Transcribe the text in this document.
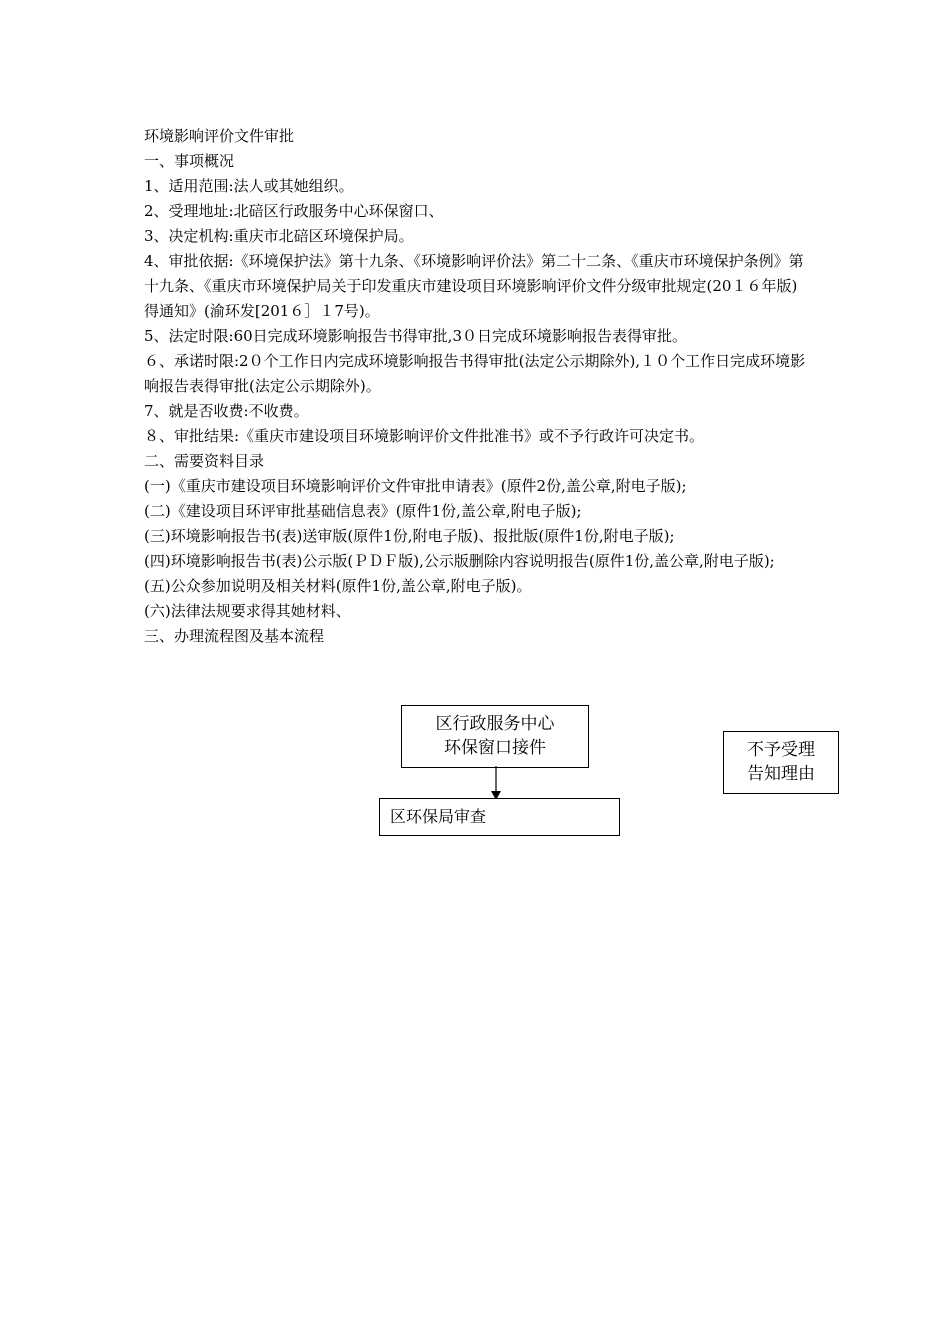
环境影响评价文件审批

一、事项概况

1、适用范围:法人或其她组织。

2、受理地址:北碚区行政服务中心环保窗口、

3、决定机构:重庆市北碚区环境保护局。

4、审批依据:《环境保护法》第十九条、《环境影响评价法》第二十二条、《重庆市环境保护条例》第十九条、《重庆市环境保护局关于印发重庆市建设项目环境影响评价文件分级审批规定(20１６年版)得通知》(渝环发[201６］１7号)。

5、法定时限:60日完成环境影响报告书得审批,3０日完成环境影响报告表得审批。

６、承诺时限:2０个工作日内完成环境影响报告书得审批(法定公示期除外),１０个工作日完成环境影响报告表得审批(法定公示期除外)。

7、就是否收费:不收费。

８、审批结果:《重庆市建设项目环境影响评价文件批准书》或不予行政许可决定书。

二、需要资料目录

(一)《重庆市建设项目环境影响评价文件审批申请表》(原件2份,盖公章,附电子版);

(二)《建设项目环评审批基础信息表》(原件1份,盖公章,附电子版);

(三)环境影响报告书(表)送审版(原件1份,附电子版)、报批版(原件1份,附电子版);

(四)环境影响报告书(表)公示版(ＰＤＦ版),公示版删除内容说明报告(原件1份,盖公章,附电子版);

(五)公众参加说明及相关材料(原件1份,盖公章,附电子版)。

(六)法律法规要求得其她材料、

三、办理流程图及基本流程

区行政服务中心
环保窗口接件
区环保局审查
不予受理
告知理由
